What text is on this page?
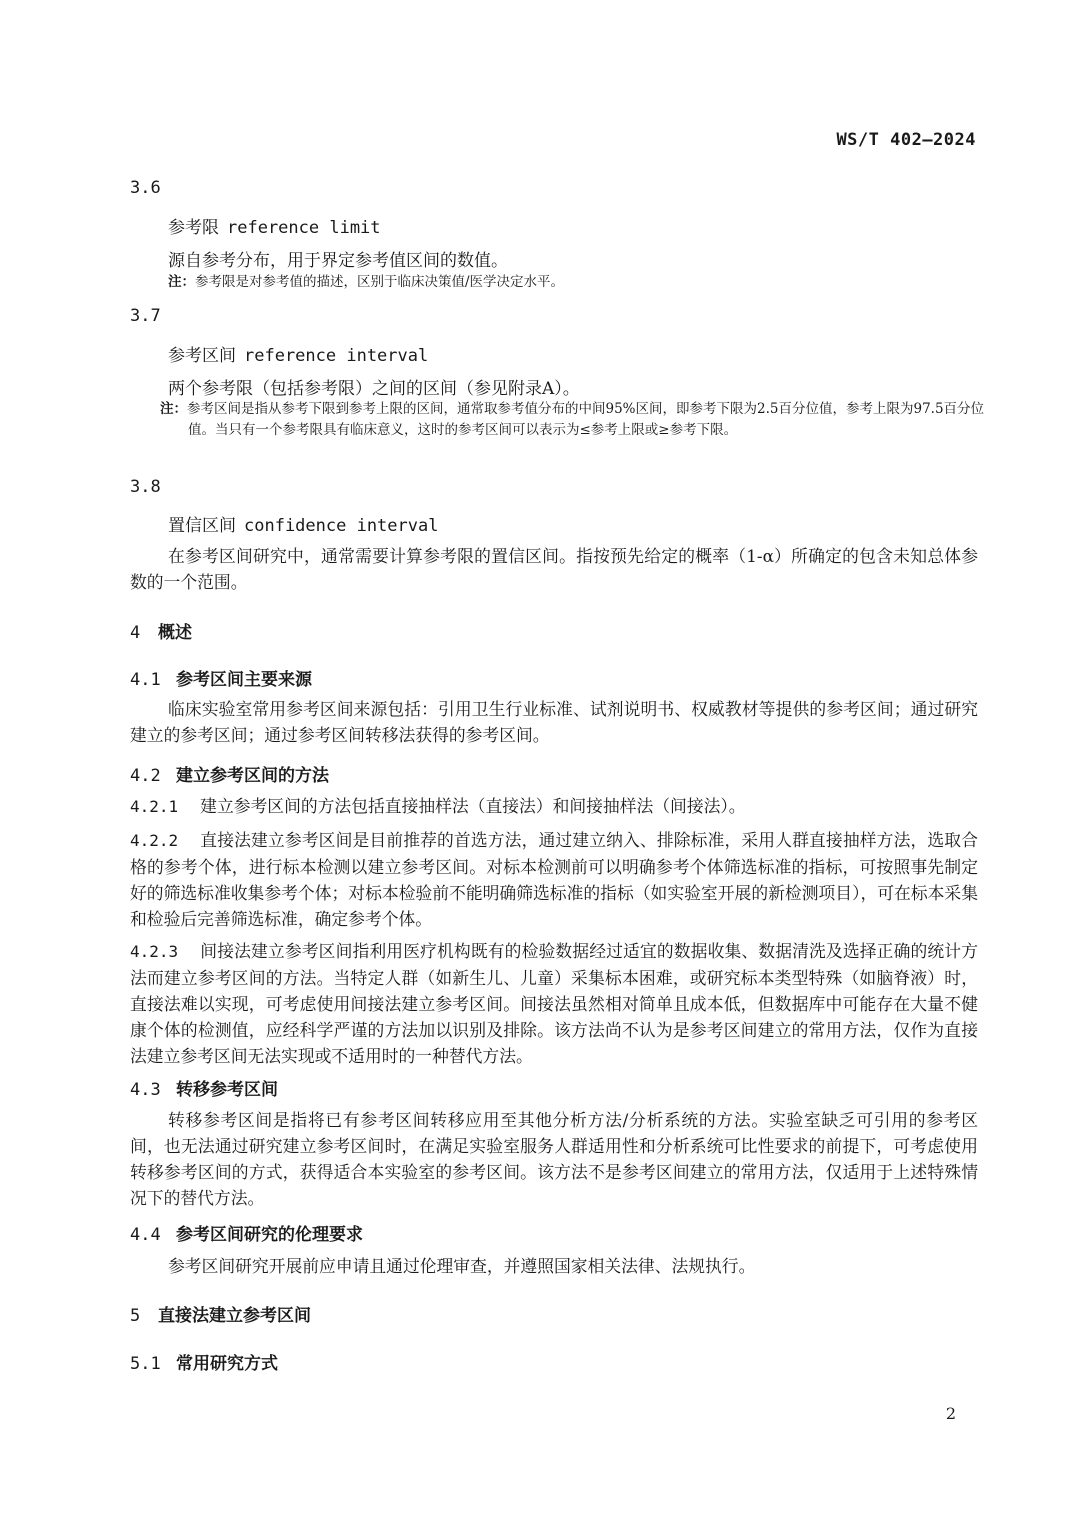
WS/T 402—2024
3.6
参考限 reference limit
源自参考分布，用于界定参考值区间的数值。
注：参考限是对参考值的描述，区别于临床决策值/医学决定水平。
3.7
参考区间 reference interval
两个参考限（包括参考限）之间的区间（参见附录A）。
注：参考区间是指从参考下限到参考上限的区间，通常取参考值分布的中间95%区间，即参考下限为2.5百分位值，参考上限为97.5百分位值。当只有一个参考限具有临床意义，这时的参考区间可以表示为≤参考上限或≥参考下限。
3.8
置信区间 confidence interval
在参考区间研究中，通常需要计算参考限的置信区间。指按预先给定的概率（1-α）所确定的包含未知总体参数的一个范围。
4 概述
4.1 参考区间主要来源
临床实验室常用参考区间来源包括：引用卫生行业标准、试剂说明书、权威教材等提供的参考区间；通过研究建立的参考区间；通过参考区间转移法获得的参考区间。
4.2 建立参考区间的方法
4.2.1 建立参考区间的方法包括直接抽样法（直接法）和间接抽样法（间接法）。
4.2.2 直接法建立参考区间是目前推荐的首选方法，通过建立纳入、排除标准，采用人群直接抽样方法，选取合格的参考个体，进行标本检测以建立参考区间。对标本检测前可以明确参考个体筛选标准的指标，可按照事先制定好的筛选标准收集参考个体；对标本检验前不能明确筛选标准的指标（如实验室开展的新检测项目），可在标本采集和检验后完善筛选标准，确定参考个体。
4.2.3 间接法建立参考区间指利用医疗机构既有的检验数据经过适宜的数据收集、数据清洗及选择正确的统计方法而建立参考区间的方法。当特定人群（如新生儿、儿童）采集标本困难，或研究标本类型特殊（如脑脊液）时，直接法难以实现，可考虑使用间接法建立参考区间。间接法虽然相对简单且成本低，但数据库中可能存在大量不健康个体的检测值，应经科学严谨的方法加以识别及排除。该方法尚不认为是参考区间建立的常用方法，仅作为直接法建立参考区间无法实现或不适用时的一种替代方法。
4.3 转移参考区间
转移参考区间是指将已有参考区间转移应用至其他分析方法/分析系统的方法。实验室缺乏可引用的参考区间，也无法通过研究建立参考区间时，在满足实验室服务人群适用性和分析系统可比性要求的前提下，可考虑使用转移参考区间的方式，获得适合本实验室的参考区间。该方法不是参考区间建立的常用方法，仅适用于上述特殊情况下的替代方法。
4.4 参考区间研究的伦理要求
参考区间研究开展前应申请且通过伦理审查，并遵照国家相关法律、法规执行。
5 直接法建立参考区间
5.1 常用研究方式
2
